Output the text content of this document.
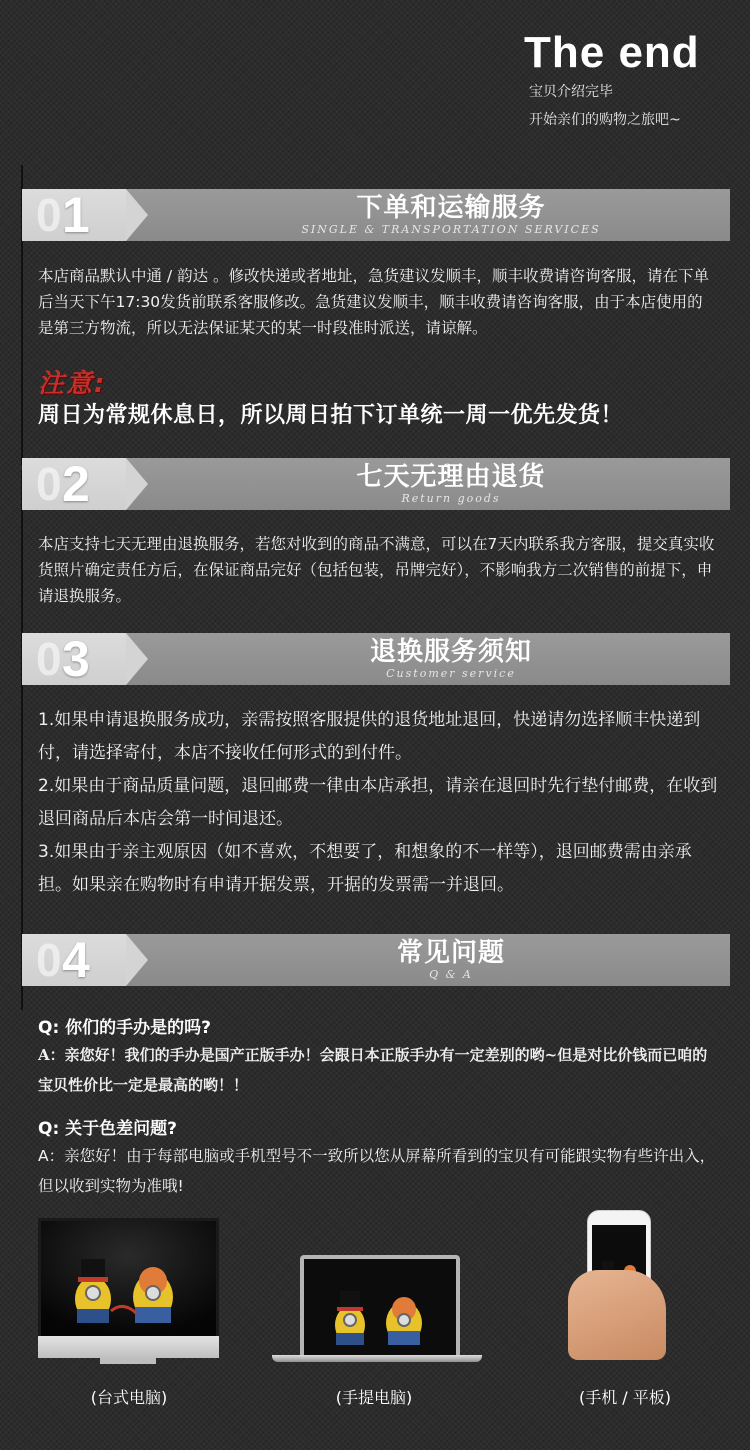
The end
宝贝介绍完毕
开始亲们的购物之旅吧~
0 1	下单和运输服务
SINGLE & TRANSPORTATION SERVICES
本店商品默认中通 / 韵达 。修改快递或者地址，急货建议发顺丰，顺丰收费请咨询客服，请在下单后当天下午17:30发货前联系客服修改。急货建议发顺丰，顺丰收费请咨询客服，由于本店使用的是第三方物流，所以无法保证某天的某一时段准时派送，请谅解。
注意:
周日为常规休息日，所以周日拍下订单统一周一优先发货！
0 2	七天无理由退货
Return goods
本店支持七天无理由退换服务，若您对收到的商品不满意，可以在7天内联系我方客服，提交真实收货照片确定责任方后，在保证商品完好（包括包装，吊牌完好），不影响我方二次销售的前提下，申请退换服务。
0 3	退换服务须知
Customer service

1.如果申请退换服务成功，亲需按照客服提供的退货地址退回，快递请勿选择顺丰快递到付，请选择寄付，本店不接收任何形式的到付件。

2.如果由于商品质量问题，退回邮费一律由本店承担，请亲在退回时先行垫付邮费，在收到退回商品后本店会第一时间退还。

3.如果由于亲主观原因（如不喜欢，不想要了，和想象的不一样等），退回邮费需由亲承担。如果亲在购物时有申请开据发票，开据的发票需一并退回。

0 4	常见问题
Q & A
Q: 你们的手办是的吗?
A：亲您好！我们的手办是国产正版手办！会跟日本正版手办有一定差别的哟~但是对比价钱而已咱的宝贝性价比一定是最高的哟！！
Q: 关于色差问题?
A：亲您好！由于每部电脑或手机型号不一致所以您从屏幕所看到的宝贝有可能跟实物有些许出入，但以收到实物为准哦!
(台式电脑)	(手提电脑)	(手机 / 平板)
